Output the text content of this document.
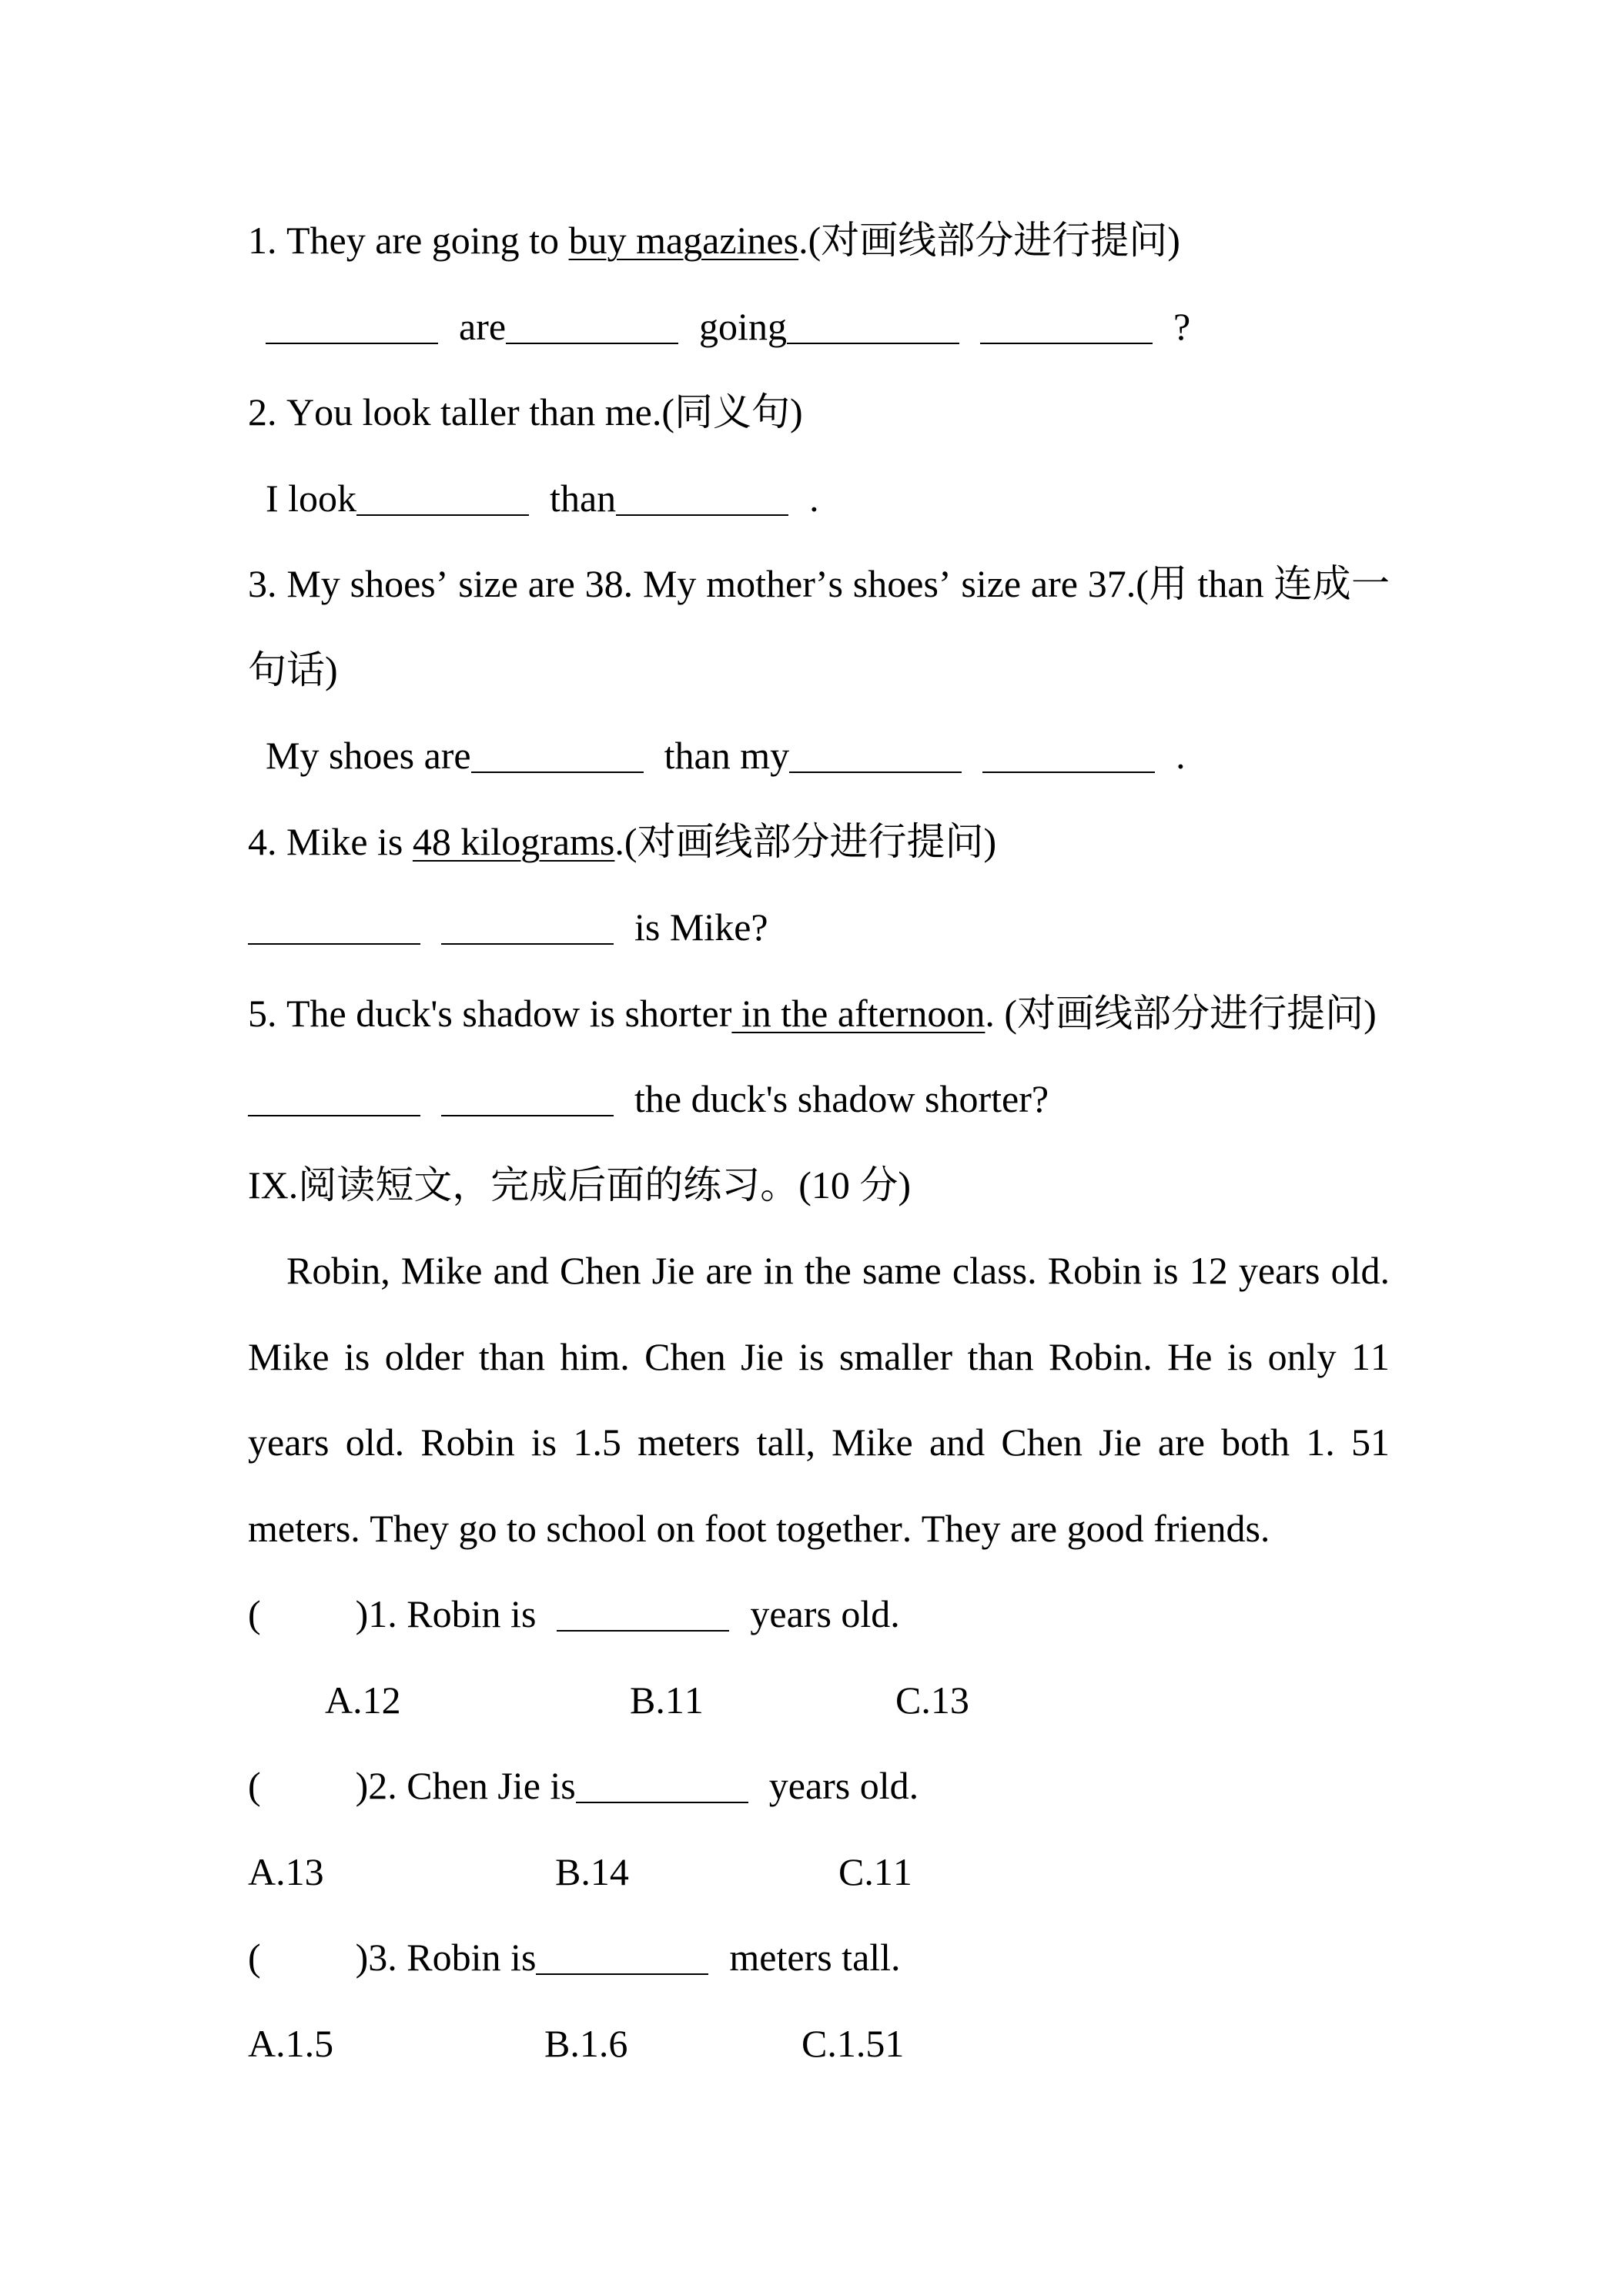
1. They are going to buy magazines.(对画线部分进行提问)
are	going	?
2. You look taller than me.(同义句)
I look	than	.
3. My shoes’ size are 38. My mother’s shoes’ size are 37.(用 than 连成一
句话)
My shoes are	than my	.
4. Mike is 48 kilograms.(对画线部分进行提问)
is Mike?
5. The duck's shadow is shorter in the afternoon. (对画线部分进行提问)
the duck's shadow shorter?
IX.阅读短文，完成后面的练习。(10 分)
Robin, Mike and Chen Jie are in the same class. Robin is 12 years old. Mike is older than him. Chen Jie is smaller than Robin. He is only 11 years old. Robin is 1.5 meters tall, Mike and Chen Jie are both 1. 51 meters. They go to school on foot together. They are good friends.
( )1. Robin is	years old.
A.12	B.11	C.13
( )2. Chen Jie is	years old.
A.13	B.14	C.11
( )3. Robin is	meters tall.
A.1.5	B.1.6	C.1.51
